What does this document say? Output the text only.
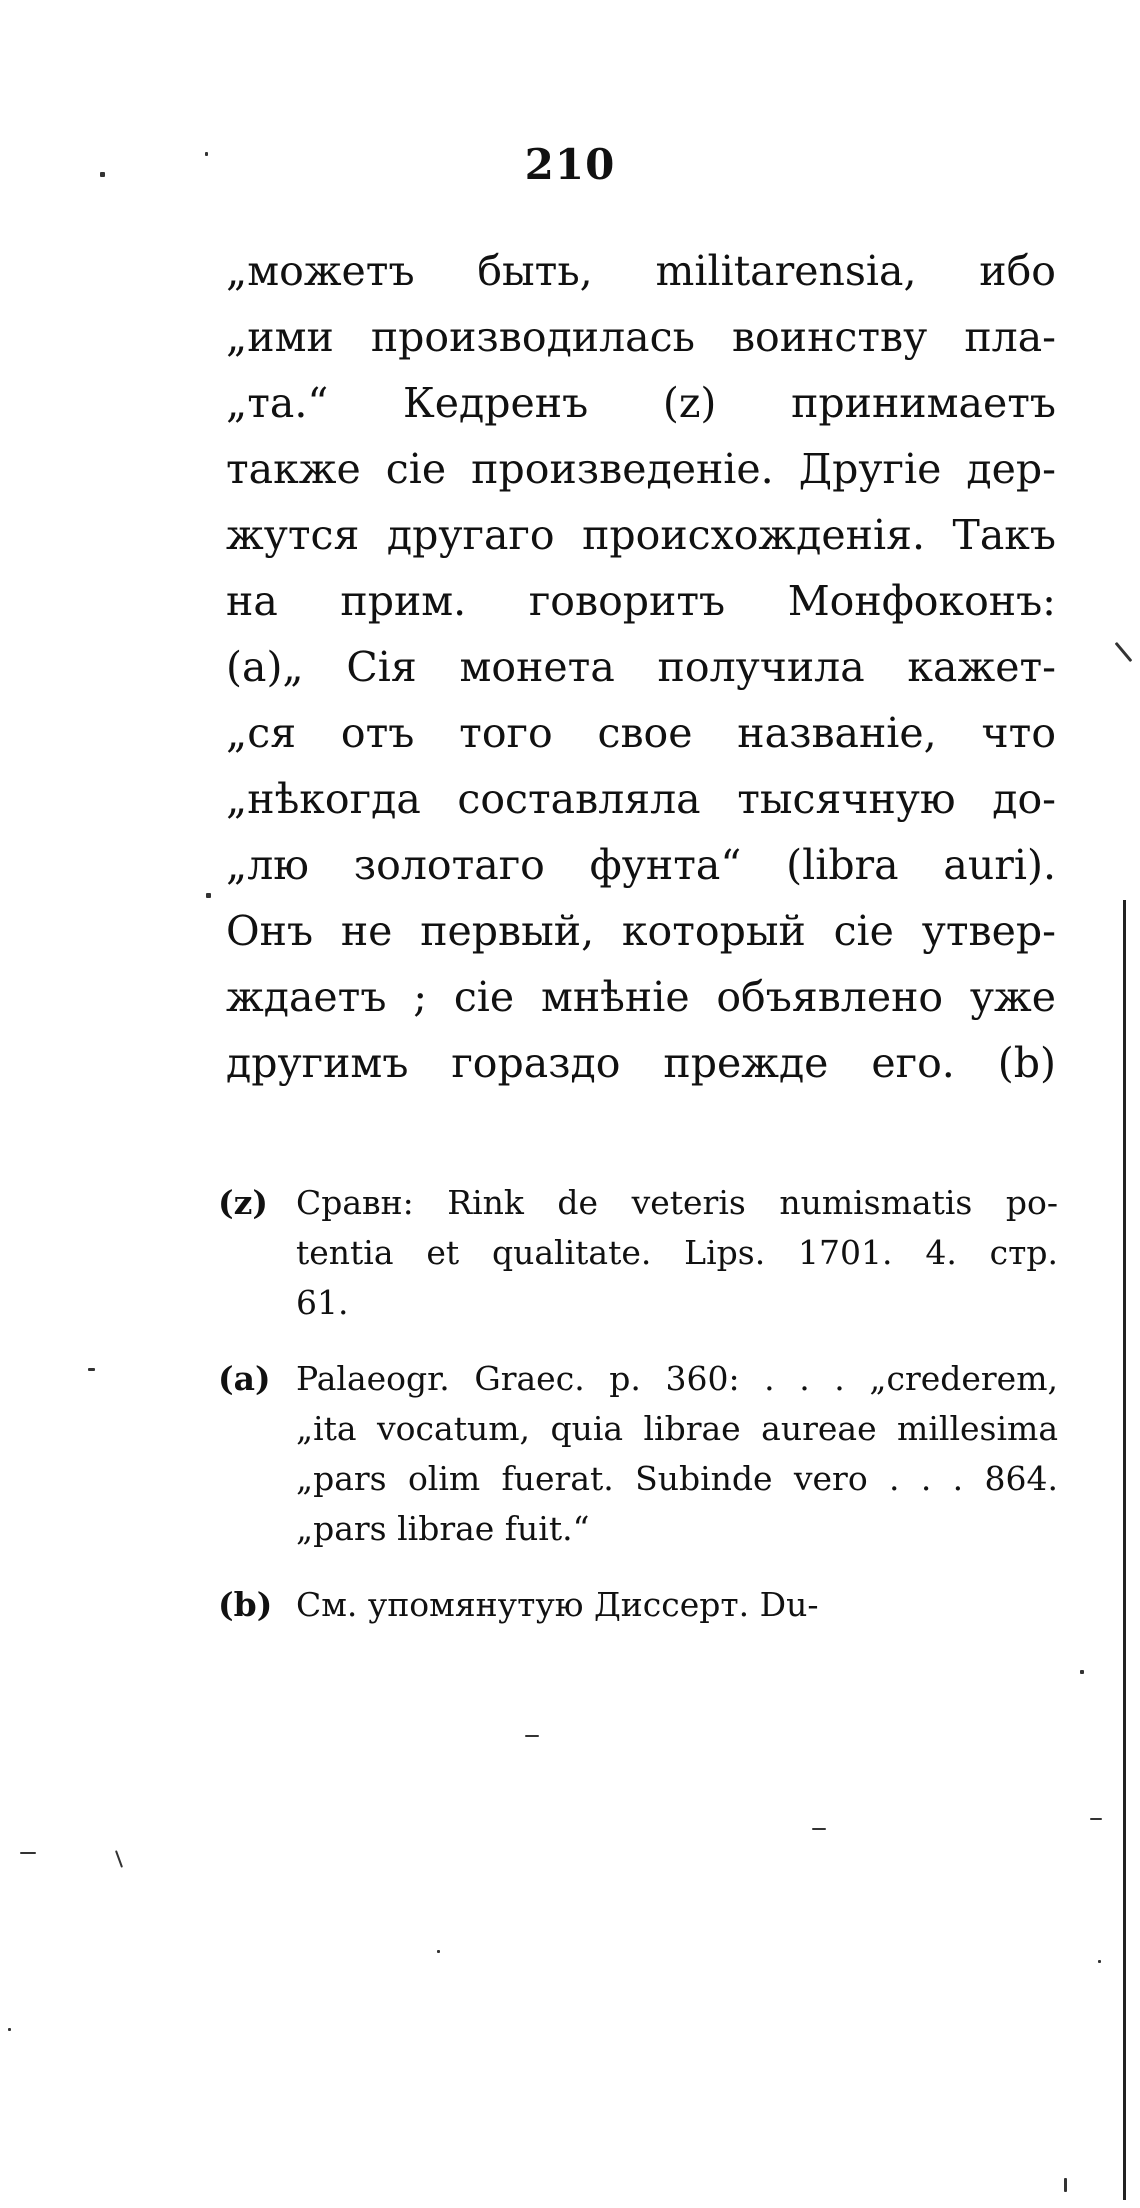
210
„можетъ быть, militarensia, ибо
„ими производилась воинству пла-
„та.“ Кедренъ (z) принимаетъ
также сіе произведеніе. Другіе дер-
жутся другаго происхожденія. Такъ
на прим. говоритъ Монфоконъ:
(a)„ Сія монета получила кажет-
„ся отъ того свое названіе, что
„нѣкогда составляла тысячную до-
„лю золотаго фунта“ (libra auri).
Онъ не первый, который сіе утвер-
ждаетъ ; сіе мнѣніе объявлено уже
другимъ гораздо прежде его. (b)
(z) Сравн: Rink de veteris numismatis po-
tentia et qualitate. Lips. 1701. 4. стр.
61.
(a) Palaeogr. Graec. p. 360: . . . „crederem,
„ita vocatum, quia librae aureae millesima
„pars olim fuerat. Subinde vero . . . 864.
„pars librae fuit.“
(b) См. упомянутую Диссерт. Du-
